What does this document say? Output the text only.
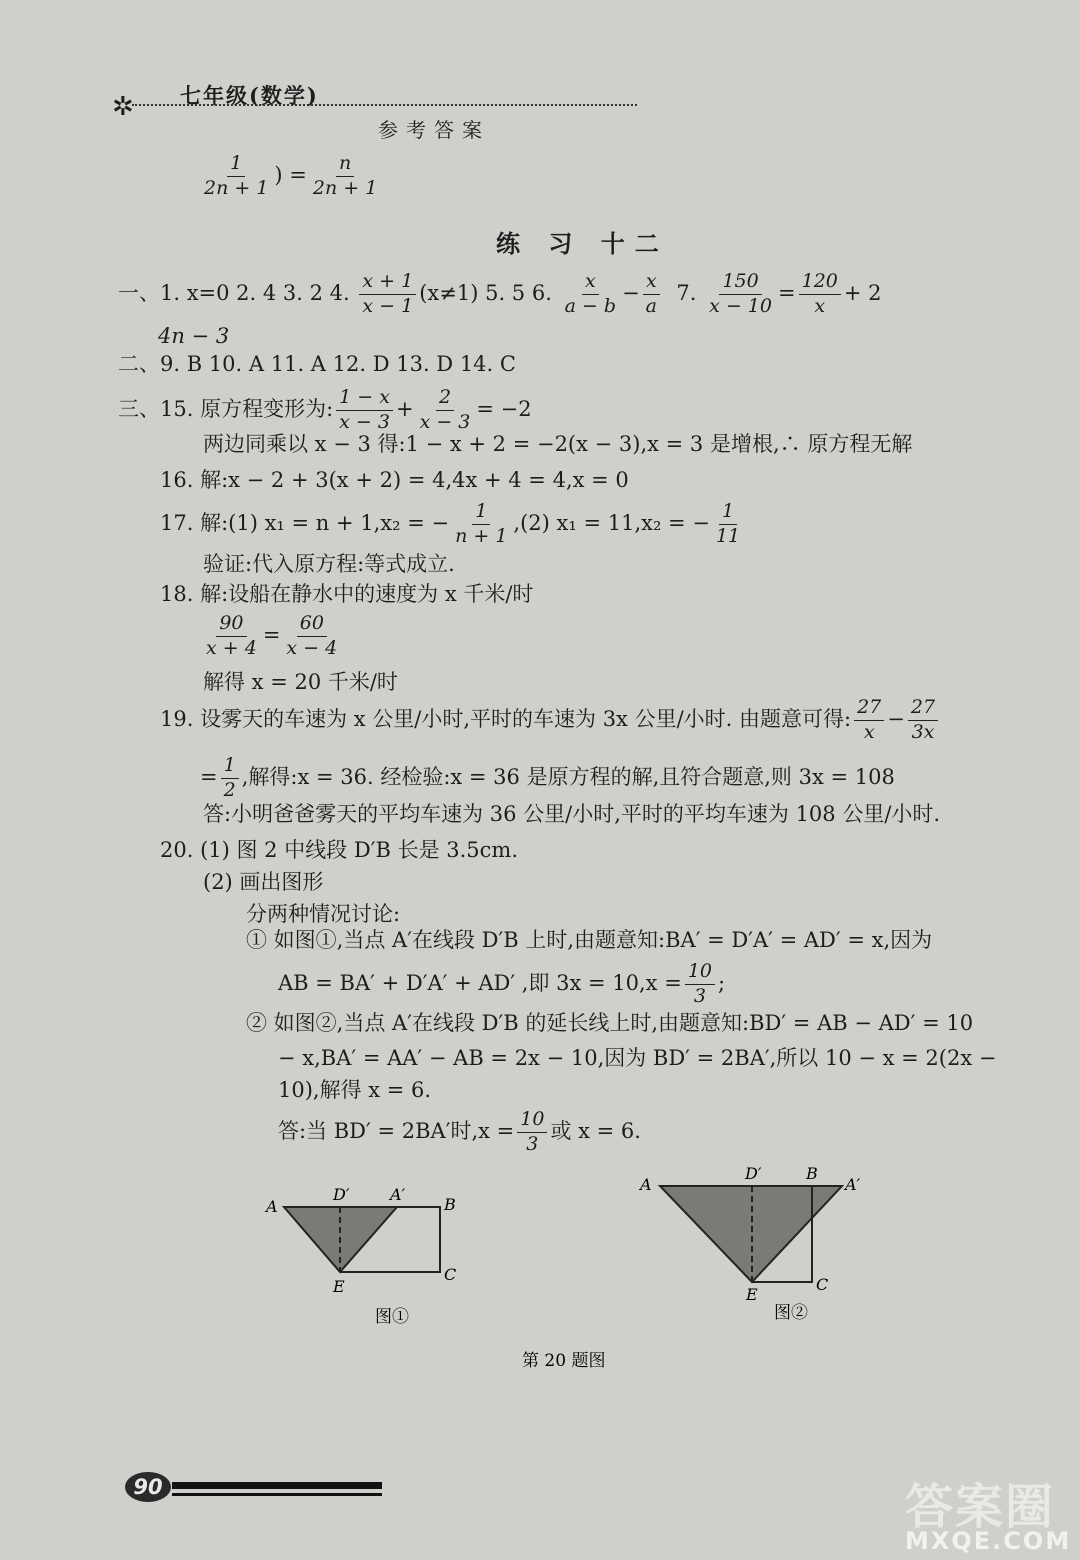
✲ 七年级(数学)
参考答案
$\frac{1}{2n + 1}$ ) = $\frac{n}{2n + 1}$
练 习 十二
一、1. x=0 2. 4 3. 2 4. $\frac{x + 1}{x - 1} (x\ne 1)$ 5. 5 6. $\frac{x}{a - b} - \frac{x}{a} 7$. $\frac{150}{x - 10} = \frac{120}{x} + 2$
4n − 3
二、9. B 10. A 11. A 12. D 13. D 14. C
三、15. 原方程变形为: $\frac{1 - x}{x - 3} + \frac{2}{x - 3} = -2$
两边同乘以 x − 3 得:1 − x + 2 = −2(x − 3),x = 3 是增根,∴ 原方程无解
16. 解:x − 2 + 3(x + 2) = 4,4x + 4 = 4,x = 0
17. 解:(1) x₁ = n + 1,x₂ = − $\frac{1}{n + 1} ,(2) x_1 = 11,x_2$ = − $\frac{1}{11}$
验证:代入原方程:等式成立.
18. 解:设船在静水中的速度为 x 千米/时
$\frac{90}{x + 4} = \frac{60}{x - 4}$
解得 x = 20 千米/时
19. 设雾天的车速为 x 公里/小时,平时的车速为 3x 公里/小时. 由题意可得: $\frac{27}{x} - \frac{27}{3x}$
= $\frac{1}{2}$ ,解得:x = 36. 经检验:x = 36 是原方程的解,且符合题意,则 3x = 108
答:小明爸爸雾天的平均车速为 36 公里/小时,平时的平均车速为 108 公里/小时.
20. (1) 图 2 中线段 D′B 长是 3.5cm.
(2) 画出图形
分两种情况讨论:
① 如图①,当点 A′在线段 D′B 上时,由题意知:BA′ = D′A′ = AD′ = x,因为
AB = BA′ + D′A′ + AD′ ,即 $3x = 10,x = \frac{10}{3}$ ;
② 如图②,当点 A′在线段 D′B 的延长线上时,由题意知:BD′ = AB − AD′ = 10
− x,BA′ = AA′ − AB = 2x − 10,因为 BD′ = 2BA′,所以 10 − x = 2(2x −
10),解得 x = 6.
答:当 BD′ = 2BA′时$,x = \frac{10}{3}$ 或 x = 6.
A
D′	A′
B
E
C
图①
A
D′	B
A′
E
C
图②
第 20 题图
90	答案圈
MXQE.COM
